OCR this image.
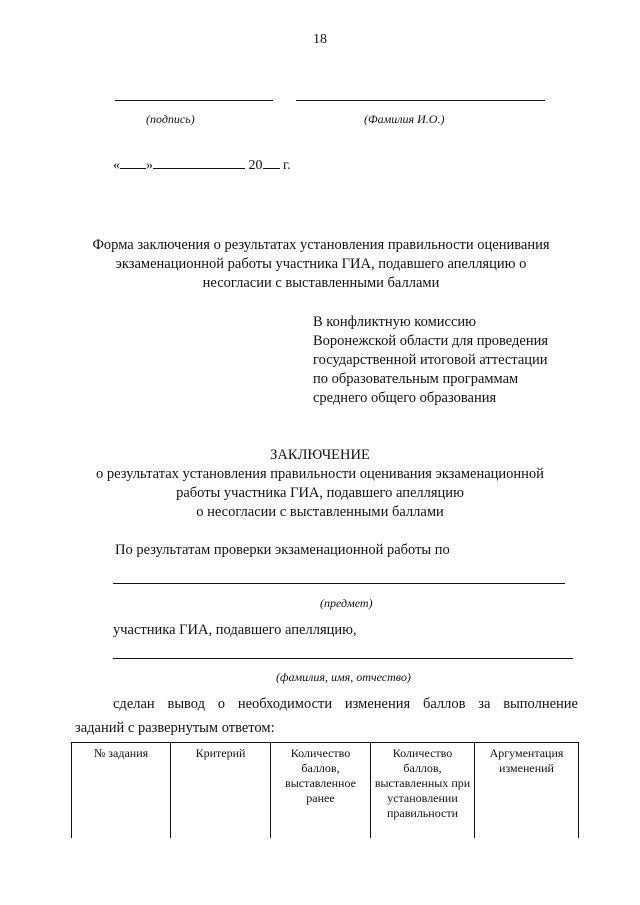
18
(подпись)	(Фамилия И.О.)
« »	20 г.
Форма заключения о результатах установления правильности оценивания экзаменационной работы участника ГИА, подавшего апелляцию о несогласии с выставленными баллами
В конфликтную комиссию
Воронежской области для проведения
государственной итоговой аттестации
по образовательным программам
среднего общего образования
ЗАКЛЮЧЕНИЕ
о результатах установления правильности оценивания экзаменационной
работы участника ГИА, подавшего апелляцию
о несогласии с выставленными баллами
По результатам проверки экзаменационной работы по
(предмет)
участника ГИА, подавшего апелляцию,
(фамилия, имя, отчество)
сделан вывод о необходимости изменения баллов за выполнение
заданий с развернутым ответом:
№ задания	Критерий	Количество баллов, выставленное ранее	Количество баллов, выставленных при установлении правильности	Аргументация изменений
